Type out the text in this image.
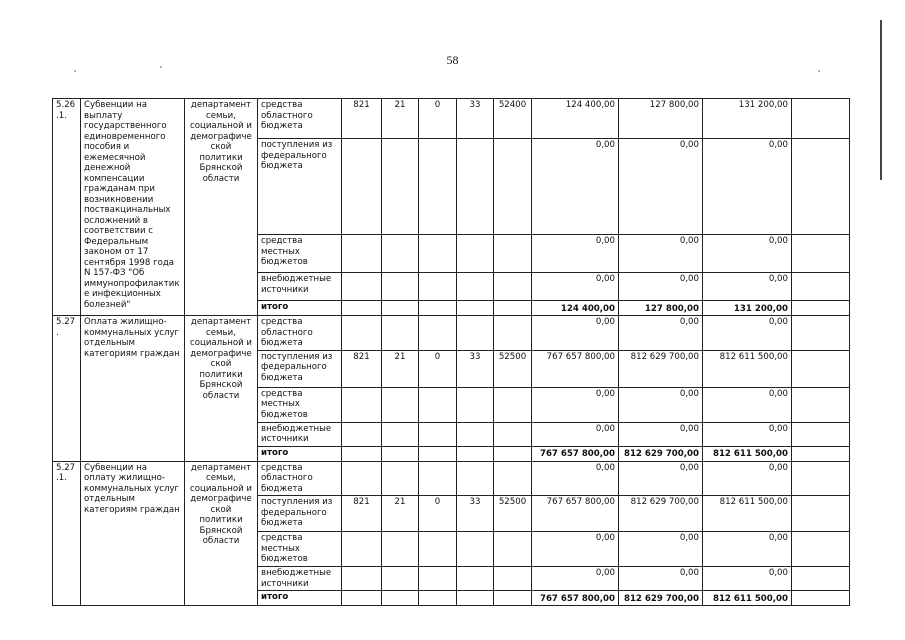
58
5.26 .1.	Субвенции на выплату государственного единовременного пособия и ежемесячной денежной компенсации гражданам при возникновении поствакцинальных осложнений в соответствии с Федеральным законом от 17 сентября 1998 года N 157-ФЗ "Об иммунопрофилактике инфекционных болезней"	департамент семьи, социальной и демографической политики Брянской области	средства областного бюджета	821	21	0	33	52400	124 400,00	127 800,00	131 200,00	
			поступления из федерального бюджета						0,00	0,00	0,00	
			средства местных бюджетов						0,00	0,00	0,00	
			внебюджетные источники						0,00	0,00	0,00	
			итого						124 400,00	127 800,00	131 200,00	
5.27 .	Оплата жилищно-коммунальных услуг отдельным категориям граждан	департамент семьи, социальной и демографической политики Брянской области	средства областного бюджета						0,00	0,00	0,00	
			поступления из федерального бюджета	821	21	0	33	52500	767 657 800,00	812 629 700,00	812 611 500,00	
			средства местных бюджетов						0,00	0,00	0,00	
			внебюджетные источники						0,00	0,00	0,00	
			итого						767 657 800,00	812 629 700,00	812 611 500,00	
5.27 .1.	Субвенции на оплату жилищно-коммунальных услуг отдельным категориям граждан	департамент семьи, социальной и демографической политики Брянской области	средства областного бюджета						0,00	0,00	0,00	
			поступления из федерального бюджета	821	21	0	33	52500	767 657 800,00	812 629 700,00	812 611 500,00	
			средства местных бюджетов						0,00	0,00	0,00	
			внебюджетные источники						0,00	0,00	0,00	
			итого						767 657 800,00	812 629 700,00	812 611 500,00	
